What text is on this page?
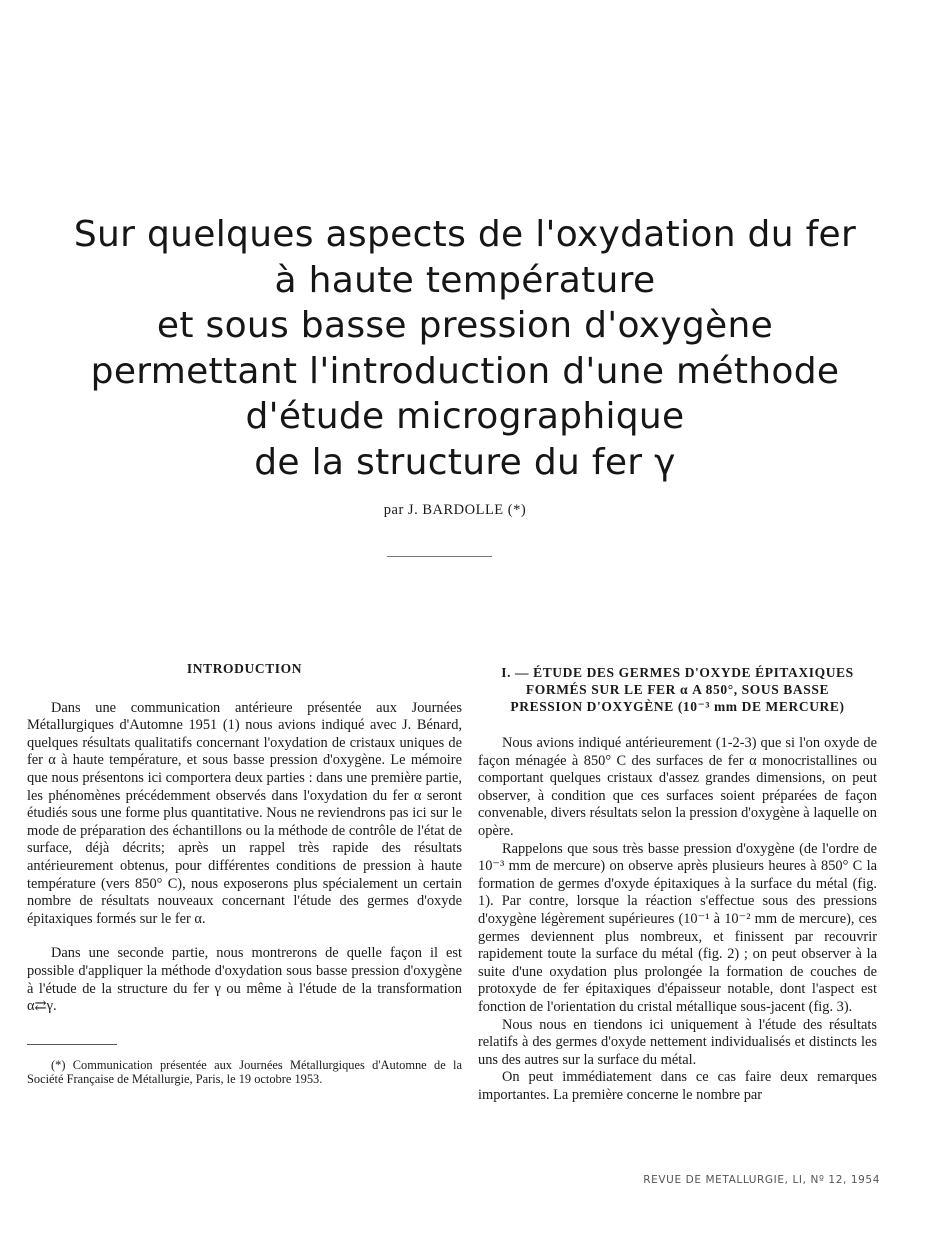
Sur quelques aspects de l'oxydation du fer
à haute température
et sous basse pression d'oxygène
permettant l'introduction d'une méthode
d'étude micrographique
de la structure du fer γ
par J. BARDOLLE (*)
INTRODUCTION

Dans une communication antérieure présentée aux Journées Métallurgiques d'Automne 1951 (1) nous avions indiqué avec J. Bénard, quelques résultats qualitatifs concernant l'oxydation de cristaux uniques de fer α à haute température, et sous basse pression d'oxygène. Le mémoire que nous présentons ici comportera deux parties : dans une première partie, les phénomènes précédemment observés dans l'oxydation du fer α seront étudiés sous une forme plus quantitative. Nous ne reviendrons pas ici sur le mode de préparation des échantillons ou la méthode de contrôle de l'état de surface, déjà décrits; après un rappel très rapide des résultats antérieurement obtenus, pour différentes conditions de pression à haute température (vers 850° C), nous exposerons plus spécialement un certain nombre de résultats nouveaux concernant l'étude des germes d'oxyde épitaxiques formés sur le fer α.

Dans une seconde partie, nous montrerons de quelle façon il est possible d'appliquer la méthode d'oxydation sous basse pression d'oxygène à l'étude de la structure du fer γ ou même à l'étude de la transformation α⇄γ.

(*) Communication présentée aux Journées Métallurgiques d'Automne de la Société Française de Métallurgie, Paris, le 19 octobre 1953.

I. — ÉTUDE DES GERMES D'OXYDE ÉPITAXIQUES
FORMÉS SUR LE FER α A 850°, SOUS BASSE
PRESSION D'OXYGÈNE (10⁻³ mm DE MERCURE)

Nous avions indiqué antérieurement (1-2-3) que si l'on oxyde de façon ménagée à 850° C des surfaces de fer α monocristallines ou comportant quelques cristaux d'assez grandes dimensions, on peut observer, à condition que ces surfaces soient préparées de façon convenable, divers résultats selon la pression d'oxygène à laquelle on opère.

Rappelons que sous très basse pression d'oxygène (de l'ordre de 10⁻³ mm de mercure) on observe après plusieurs heures à 850° C la formation de germes d'oxyde épitaxiques à la surface du métal (fig. 1). Par contre, lorsque la réaction s'effectue sous des pressions d'oxygène légèrement supérieures (10⁻¹ à 10⁻² mm de mercure), ces germes deviennent plus nombreux, et finissent par recouvrir rapidement toute la surface du métal (fig. 2) ; on peut observer à la suite d'une oxydation plus prolongée la formation de couches de protoxyde de fer épitaxiques d'épaisseur notable, dont l'aspect est fonction de l'orientation du cristal métallique sous-jacent (fig. 3).

Nous nous en tiendons ici uniquement à l'étude des résultats relatifs à des germes d'oxyde nettement individualisés et distincts les uns des autres sur la surface du métal.

On peut immédiatement dans ce cas faire deux remarques importantes. La première concerne le nombre par

REVUE DE METALLURGIE, LI, Nº 12, 1954
